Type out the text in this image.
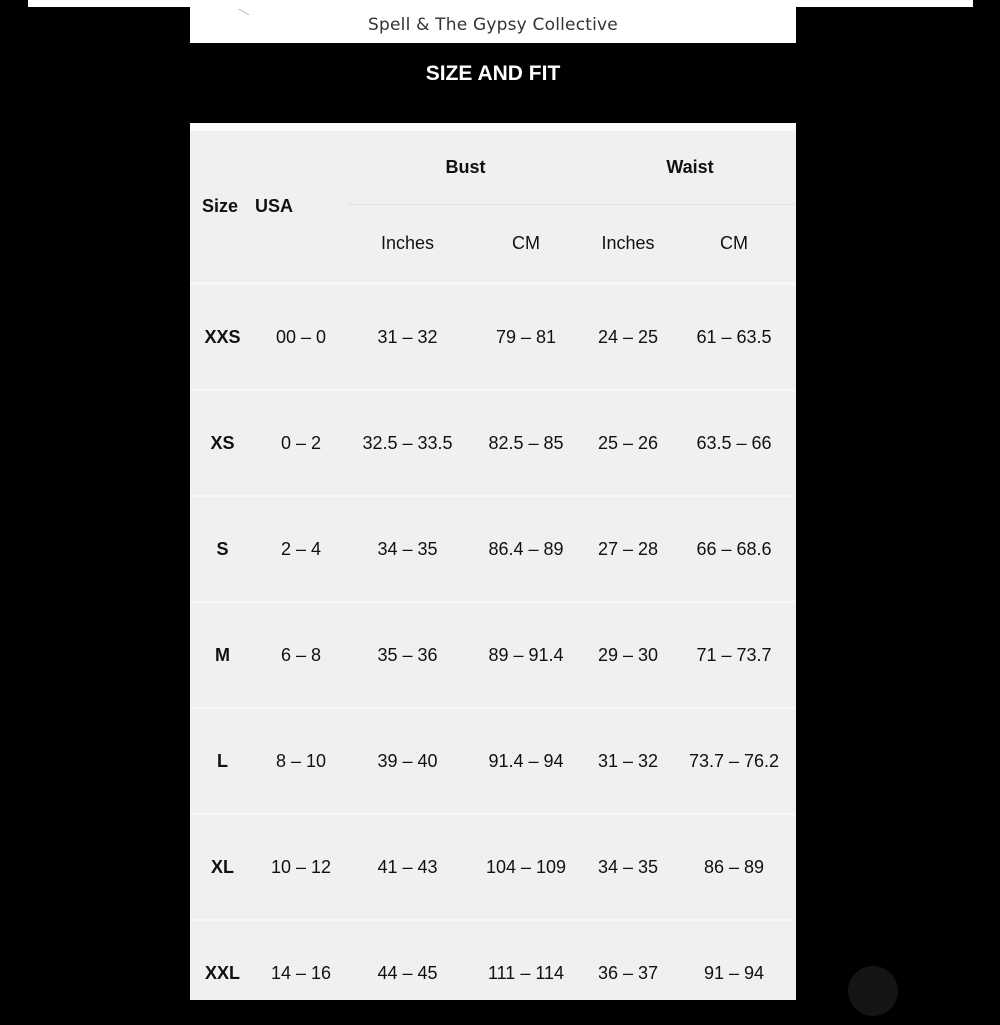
Spell & The Gypsy Collective
SIZE AND FIT
Size	USA	Bust		Waist	
		Inches	CM	Inches	CM
XXS	00 – 0	31 – 32	79 – 81	24 – 25	61 – 63.5
XS	0 – 2	32.5 – 33.5	82.5 – 85	25 – 26	63.5 – 66
S	2 – 4	34 – 35	86.4 – 89	27 – 28	66 – 68.6
M	6 – 8	35 – 36	89 – 91.4	29 – 30	71 – 73.7
L	8 – 10	39 – 40	91.4 – 94	31 – 32	73.7 – 76.2
XL	10 – 12	41 – 43	104 – 109	34 – 35	86 – 89
XXL	14 – 16	44 – 45	111 – 114	36 – 37	91 – 94
